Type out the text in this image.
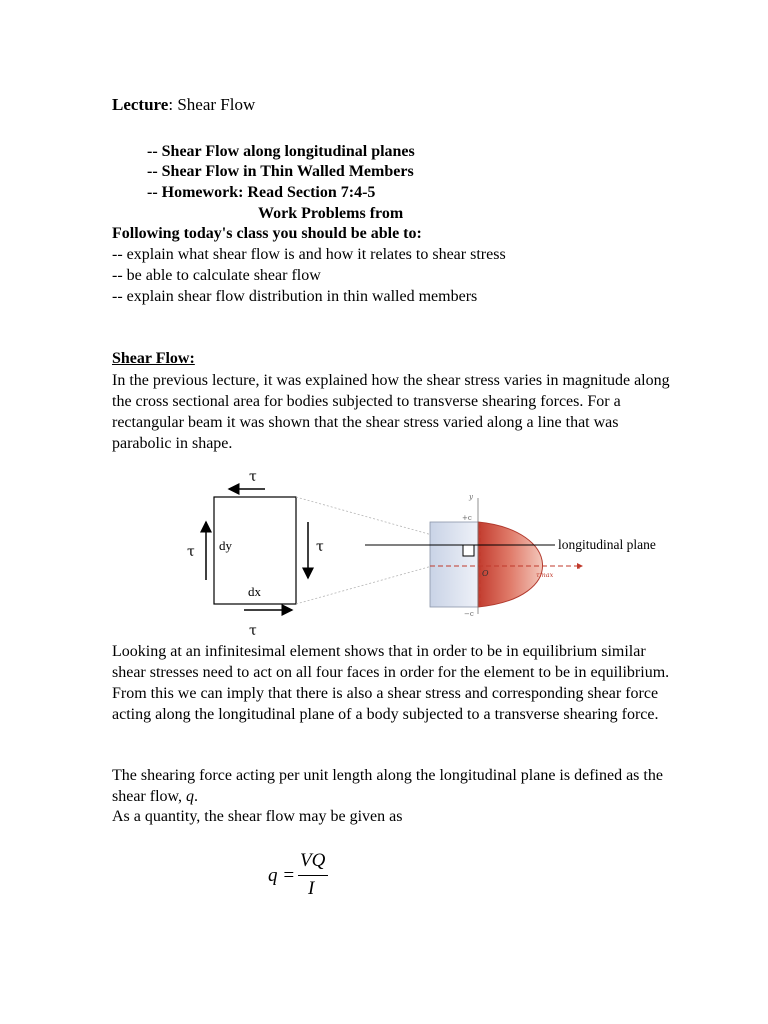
Lecture: Shear Flow
-- Shear Flow along longitudinal planes
-- Shear Flow in Thin Walled Members
-- Homework: Read Section 7:4-5
Work Problems from
Following today's class you should be able to:
-- explain what shear flow is and how it relates to shear stress
-- be able to calculate shear flow
-- explain shear flow distribution in thin walled members
Shear Flow:
In the previous lecture, it was explained how the shear stress varies in magnitude along the cross sectional area for bodies subjected to transverse shearing forces. For a rectangular beam it was shown that the shear stress varied along a line that was parabolic in shape.
τ
τ
τ	τ
dy
dx
longitudinal plane
y
+c
−c
O	τmax
τ
Looking at an infinitesimal element shows that in order to be in equilibrium similar shear stresses need to act on all four faces in order for the element to be in equilibrium. From this we can imply that there is also a shear stress and corresponding shear force acting along the longitudinal plane of a body subjected to a transverse shearing force.
The shearing force acting per unit length along the longitudinal plane is defined as the shear flow, q.
As a quantity, the shear flow may be given as
q =
VQ
I
